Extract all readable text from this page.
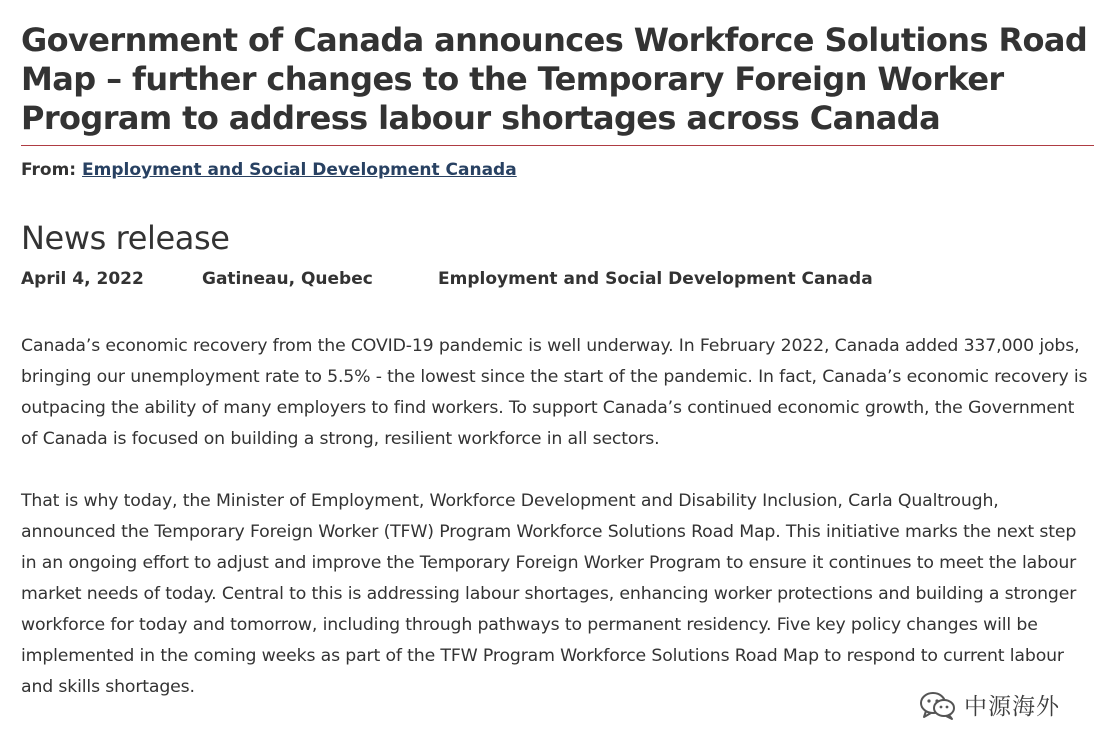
Government of Canada announces Workforce Solutions Road Map – further changes to the Temporary Foreign Worker Program to address labour shortages across Canada
From: Employment and Social Development Canada
News release
April 4, 2022	Gatineau, Quebec	Employment and Social Development Canada

Canada’s economic recovery from the COVID-19 pandemic is well underway. In February 2022, Canada added 337,000 jobs, bringing our unemployment rate to 5.5% - the lowest since the start of the pandemic. In fact, Canada’s economic recovery is outpacing the ability of many employers to find workers. To support Canada’s continued economic growth, the Government of Canada is focused on building a strong, resilient workforce in all sectors.

That is why today, the Minister of Employment, Workforce Development and Disability Inclusion, Carla Qualtrough, announced the Temporary Foreign Worker (TFW) Program Workforce Solutions Road Map. This initiative marks the next step in an ongoing effort to adjust and improve the Temporary Foreign Worker Program to ensure it continues to meet the labour market needs of today. Central to this is addressing labour shortages, enhancing worker protections and building a stronger workforce for today and tomorrow, including through pathways to permanent residency. Five key policy changes will be implemented in the coming weeks as part of the TFW Program Workforce Solutions Road Map to respond to current labour and skills shortages.

中源海外
